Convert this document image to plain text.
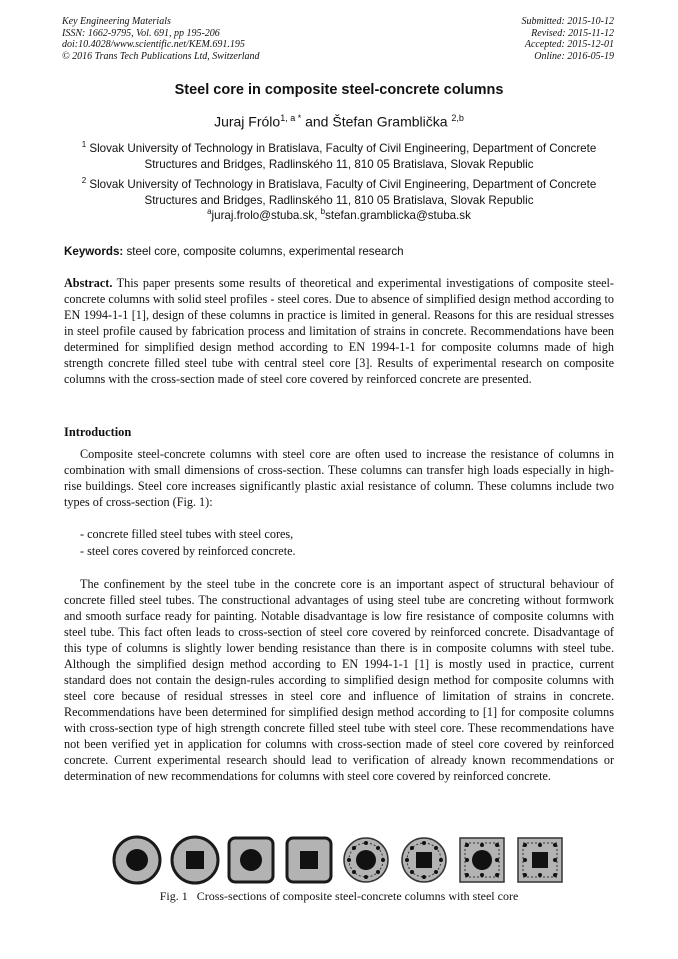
Key Engineering Materials
ISSN: 1662-9795, Vol. 691, pp 195-206
doi:10.4028/www.scientific.net/KEM.691.195
© 2016 Trans Tech Publications Ltd, Switzerland
Submitted: 2015-10-12
Revised: 2015-11-12
Accepted: 2015-12-01
Online: 2016-05-19
Steel core in composite steel-concrete columns
Juraj Frólo$^{1, a *}$ and Štefan Gramblička $^{2,b}$
$^1$ Slovak University of Technology in Bratislava, Faculty of Civil Engineering, Department of Concrete Structures and Bridges, Radlinského 11, 810 05 Bratislava, Slovak Republic
$^2$ Slovak University of Technology in Bratislava, Faculty of Civil Engineering, Department of Concrete Structures and Bridges, Radlinského 11, 810 05 Bratislava, Slovak Republic
$^a$juraj.frolo@stuba.sk, $^b$stefan.gramblicka@stuba.sk
Keywords: steel core, composite columns, experimental research
Abstract. This paper presents some results of theoretical and experimental investigations of composite steel-concrete columns with solid steel profiles - steel cores. Due to absence of simplified design method according to EN 1994-1-1 [1], design of these columns in practice is limited in general. Reasons for this are residual stresses in steel profile caused by fabrication process and limitation of strains in concrete. Recommendations have been determined for simplified design method according to EN 1994-1-1 for composite columns made of high strength concrete filled steel tube with central steel core [3]. Results of experimental research on composite columns with the cross-section made of steel core covered by reinforced concrete are presented.
Introduction
Composite steel-concrete columns with steel core are often used to increase the resistance of columns in combination with small dimensions of cross-section. These columns can transfer high loads especially in high-rise buildings. Steel core increases significantly plastic axial resistance of column. These columns include two types of cross-section (Fig. 1):
- concrete filled steel tubes with steel cores,
- steel cores covered by reinforced concrete.
The confinement by the steel tube in the concrete core is an important aspect of structural behaviour of concrete filled steel tubes. The constructional advantages of using steel tube are concreting without formwork and smooth surface ready for painting. Notable disadvantage is low fire resistance of composite columns with steel tube. This fact often leads to cross-section of steel core covered by reinforced concrete. Disadvantage of this type of columns is slightly lower bending resistance than there is in composite columns with steel tube. Although the simplified design method according to EN 1994-1-1 [1] is mostly used in practice, current standard does not contain the design-rules according to simplified design method for composite columns with steel core because of residual stresses in steel core and influence of limitation of strains in concrete. Recommendations have been determined for simplified design method according to [1] for composite columns with cross-section type of high strength concrete filled steel tube with steel core. These recommendations have not been verified yet in application for columns with cross-section made of steel core covered by reinforced concrete. Current experimental research should lead to verification of already known recommendations or determination of new recommendations for columns with steel core covered by reinforced concrete.
Fig. 1   Cross-sections of composite steel-concrete columns with steel core
